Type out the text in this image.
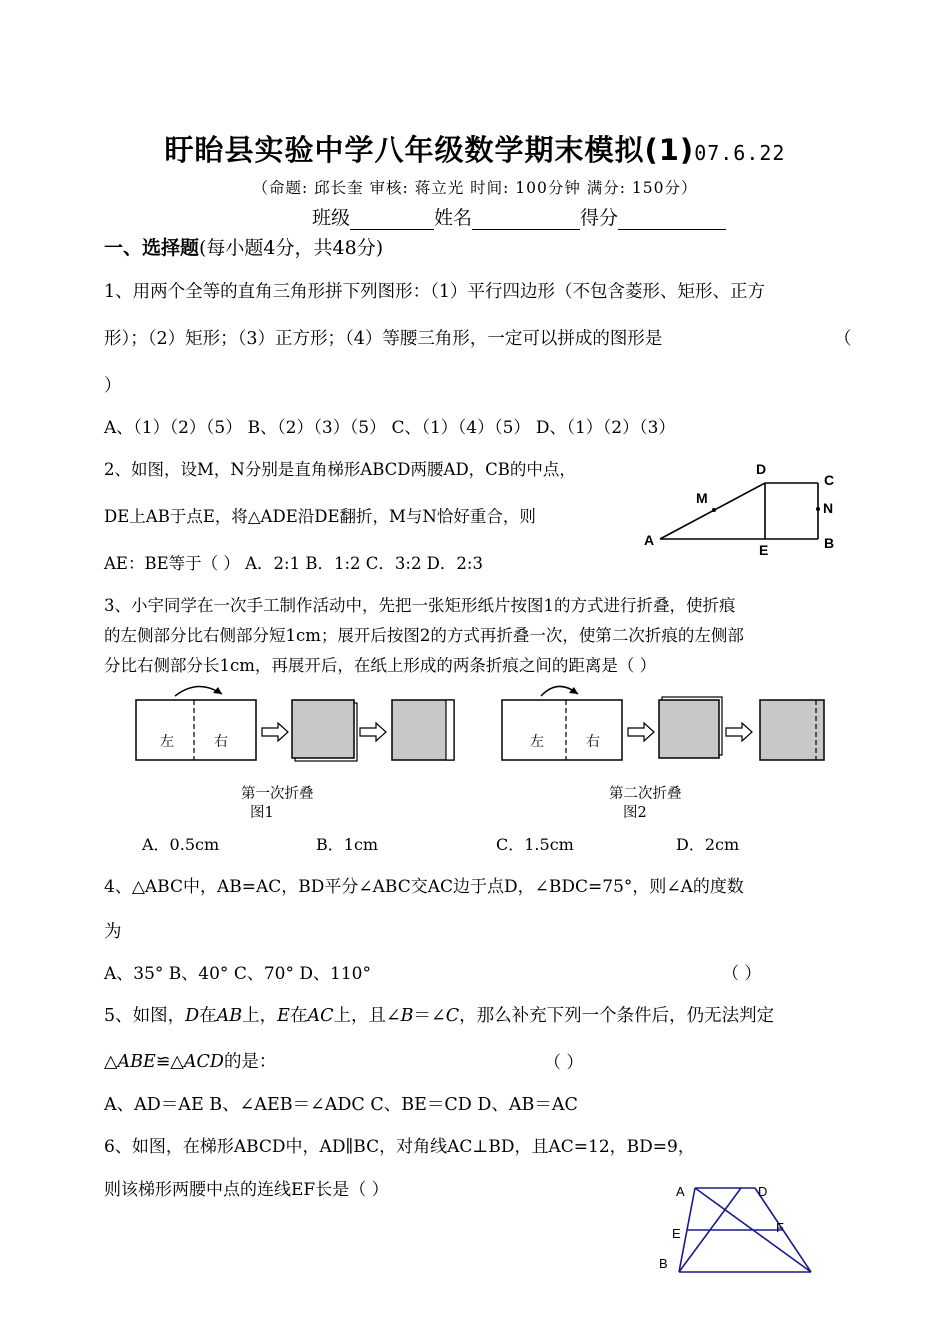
盱眙县实验中学八年级数学期末模拟(1)07.6.22
（命题: 邱长奎 审核: 蒋立光 时间: 100分钟 满分: 150分）
班级	姓名	得分
一、选择题(每小题4分，共48分)
1、用两个全等的直角三角形拼下列图形：（1）平行四边形（不包含菱形、矩形、正方
形）；（2）矩形；（3）正方形；（4）等腰三角形，一定可以拼成的图形是	（
）
A、（1）（2）（5） B、（2）（3）（5） C、（1）（4）（5） D、（1）（2）（3）
2、如图，设M，N分别是直角梯形ABCD两腰AD，CB的中点，
DE上AB于点E，将△ADE沿DE翻折，M与N恰好重合，则
AE：BE等于（ ） A．2:1 B．1:2 C．3:2 D．2:3
A	B
C
D
E
M
N
3、小宇同学在一次手工制作活动中，先把一张矩形纸片按图1的方式进行折叠，使折痕
的左侧部分比右侧部分短1cm；展开后按图2的方式再折叠一次，使第二次折痕的左侧部
分比右侧部分长1cm，再展开后，在纸上形成的两条折痕之间的距离是（ ）
左	右
第一次折叠
图1
左	右
第二次折叠
图2
A．0.5cm	B．1cm	C．1.5cm	D．2cm
4、△ABC中，AB=AC，BD平分∠ABC交AC边于点D，∠BDC=75°，则∠A的度数
为
A、35° B、40° C、70° D、110°	（ ）
5、如图，D在AB上，E在AC上，且∠B＝∠C，那么补充下列一个条件后，仍无法判定
△ABE≌△ACD的是：	（ ）
A、AD＝AE B、∠AEB＝∠ADC C、BE＝CD D、AB＝AC
6、如图，在梯形ABCD中，AD∥BC，对角线AC⊥BD，且AC=12，BD=9，
则该梯形两腰中点的连线EF长是（ ）	A	D
E	F
B
